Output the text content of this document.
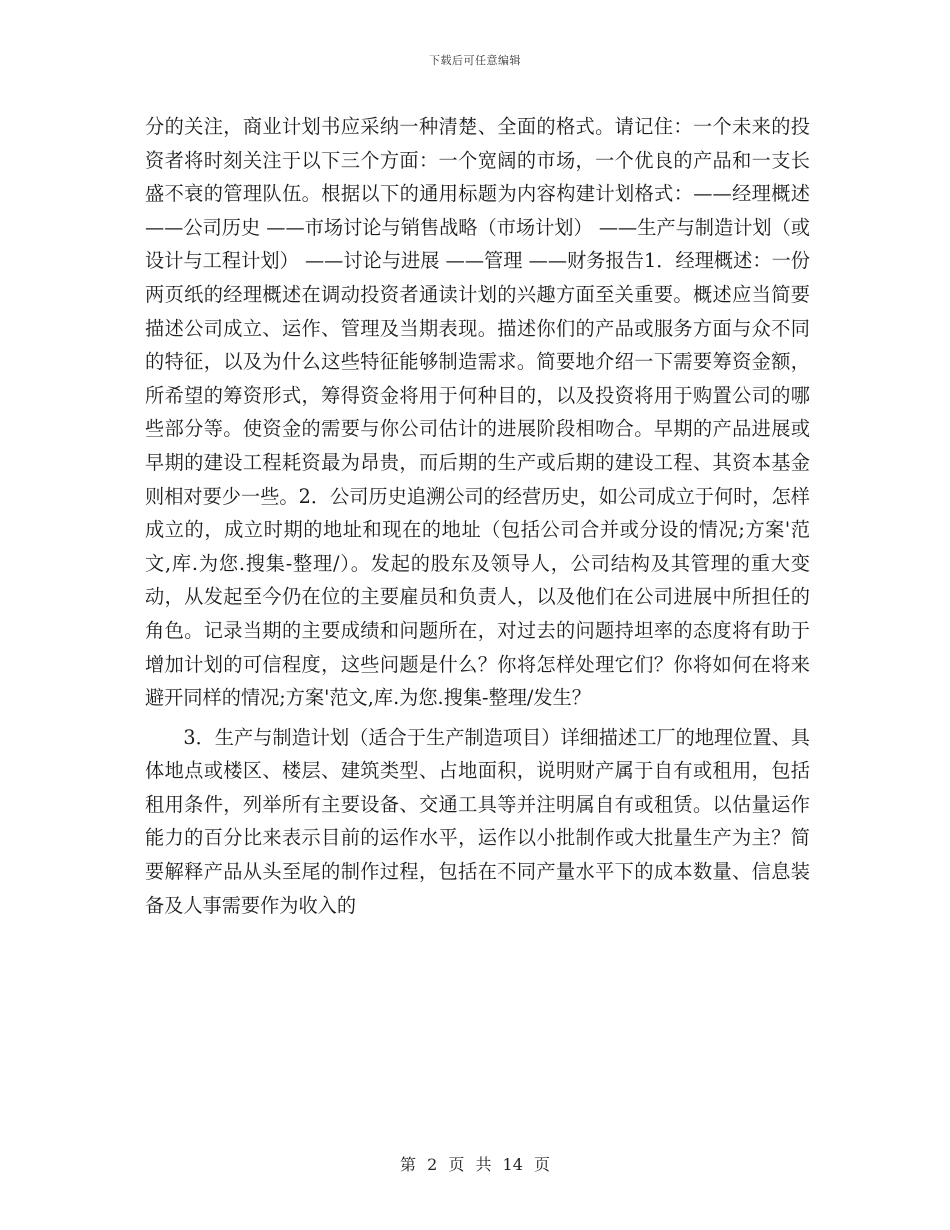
下载后可任意编辑

分的关注，商业计划书应采纳一种清楚、全面的格式。请记住：一个未来的投资者将时刻关注于以下三个方面：一个宽阔的市场，一个优良的产品和一支长盛不衰的管理队伍。根据以下的通用标题为内容构建计划格式：——经理概述 ——公司历史 ——市场讨论与销售战略（市场计划） ——生产与制造计划（或设计与工程计划） ——讨论与进展 ——管理 ——财务报告1．经理概述：一份两页纸的经理概述在调动投资者通读计划的兴趣方面至关重要。概述应当简要描述公司成立、运作、管理及当期表现。描述你们的产品或服务方面与众不同的特征，以及为什么这些特征能够制造需求。简要地介绍一下需要筹资金额，所希望的筹资形式，筹得资金将用于何种目的，以及投资将用于购置公司的哪些部分等。使资金的需要与你公司估计的进展阶段相吻合。早期的产品进展或早期的建设工程耗资最为昂贵，而后期的生产或后期的建设工程、其资本基金则相对要少一些。2．公司历史追溯公司的经营历史，如公司成立于何时，怎样成立的，成立时期的地址和现在的地址（包括公司合并或分设的情况;方案'范文,库.为您.搜集-整理/）。发起的股东及领导人，公司结构及其管理的重大变动，从发起至今仍在位的主要雇员和负责人，以及他们在公司进展中所担任的角色。记录当期的主要成绩和问题所在，对过去的问题持坦率的态度将有助于增加计划的可信程度，这些问题是什么？你将怎样处理它们？你将如何在将来避开同样的情况;方案'范文,库.为您.搜集-整理/发生？

3．生产与制造计划（适合于生产制造项目）详细描述工厂的地理位置、具体地点或楼区、楼层、建筑类型、占地面积，说明财产属于自有或租用，包括租用条件，列举所有主要设备、交通工具等并注明属自有或租赁。以估量运作能力的百分比来表示目前的运作水平，运作以小批制作或大批量生产为主？简要解释产品从头至尾的制作过程，包括在不同产量水平下的成本数量、信息装备及人事需要作为收入的

第 2 页 共 14 页
